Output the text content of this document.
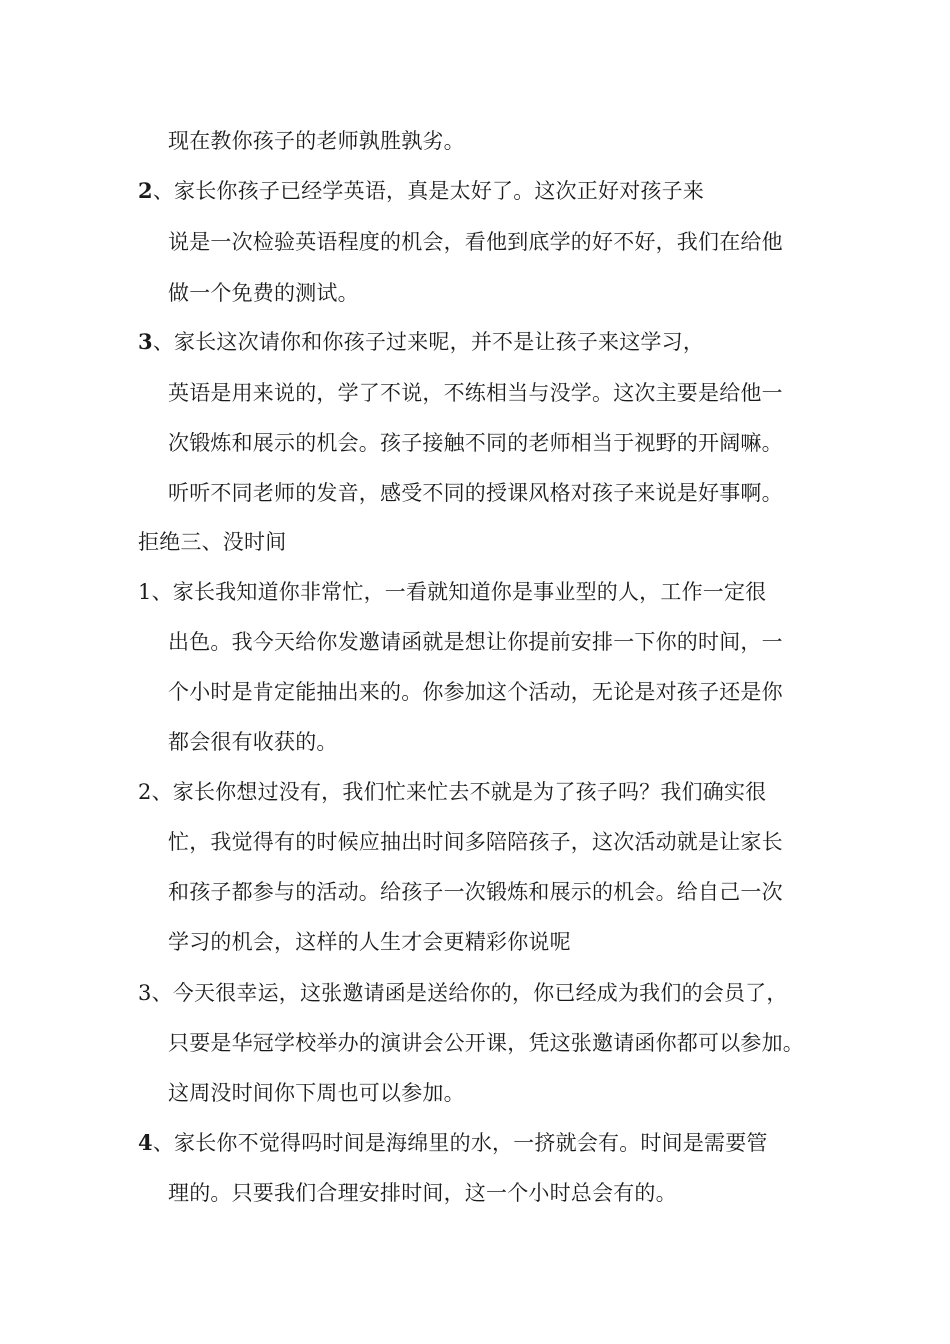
现在教你孩子的老师孰胜孰劣。
2、家长你孩子已经学英语，真是太好了。这次正好对孩子来
说是一次检验英语程度的机会，看他到底学的好不好，我们在给他
做一个免费的测试。
3、家长这次请你和你孩子过来呢，并不是让孩子来这学习，
英语是用来说的，学了不说，不练相当与没学。这次主要是给他一
次锻炼和展示的机会。孩子接触不同的老师相当于视野的开阔嘛。
听听不同老师的发音，感受不同的授课风格对孩子来说是好事啊。
拒绝三、没时间
1、家长我知道你非常忙，一看就知道你是事业型的人，工作一定很
出色。我今天给你发邀请函就是想让你提前安排一下你的时间，一
个小时是肯定能抽出来的。你参加这个活动，无论是对孩子还是你
都会很有收获的。
2、家长你想过没有，我们忙来忙去不就是为了孩子吗？我们确实很
忙，我觉得有的时候应抽出时间多陪陪孩子，这次活动就是让家长
和孩子都参与的活动。给孩子一次锻炼和展示的机会。给自己一次
学习的机会，这样的人生才会更精彩你说呢
3、今天很幸运，这张邀请函是送给你的，你已经成为我们的会员了，
只要是华冠学校举办的演讲会公开课，凭这张邀请函你都可以参加。
这周没时间你下周也可以参加。
4、家长你不觉得吗时间是海绵里的水，一挤就会有。时间是需要管
理的。只要我们合理安排时间，这一个小时总会有的。
